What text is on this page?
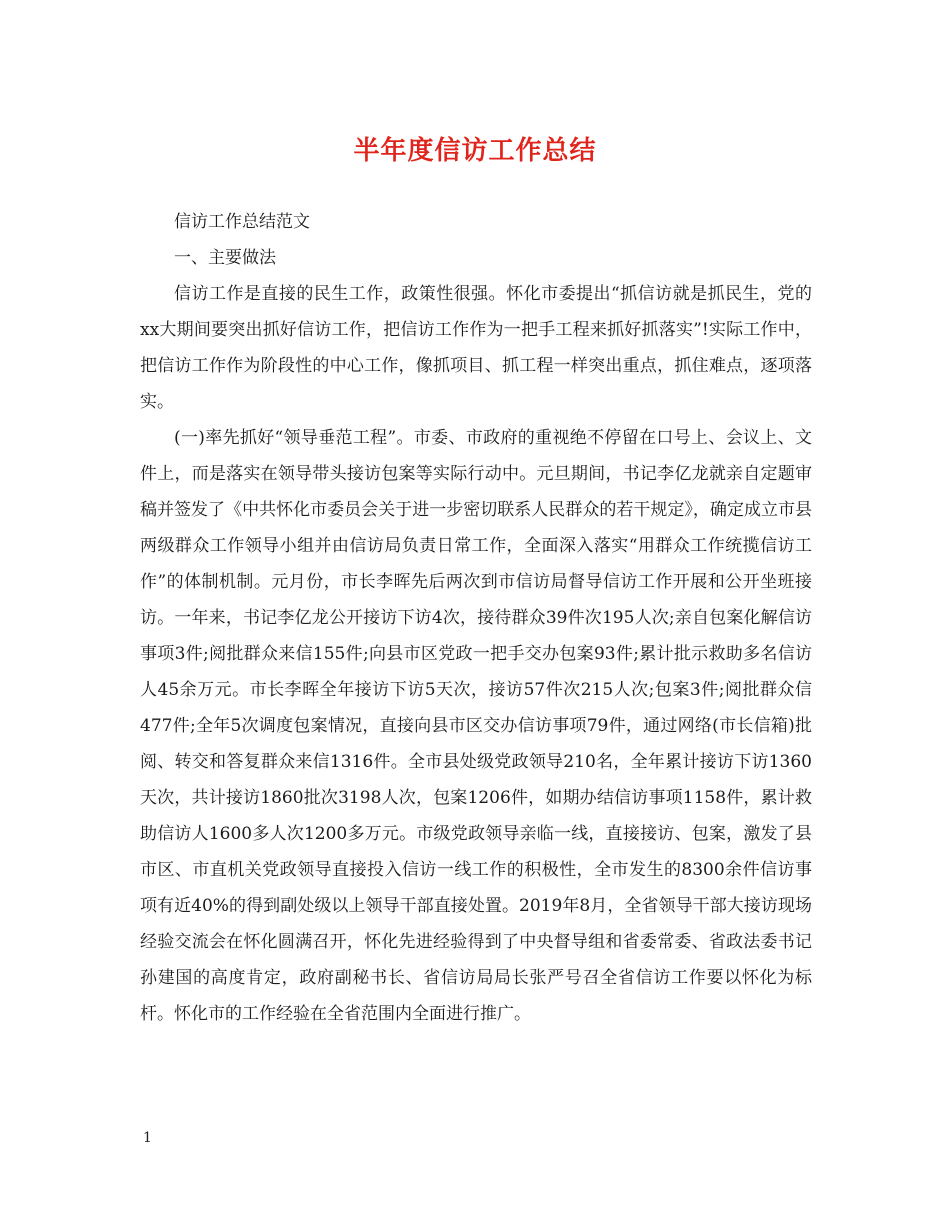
半年度信访工作总结

信访工作总结范文

一、主要做法

信访工作是直接的民生工作，政策性很强。怀化市委提出“抓信访就是抓民生，党的xx大期间要突出抓好信访工作，把信访工作作为一把手工程来抓好抓落实”!实际工作中，把信访工作作为阶段性的中心工作，像抓项目、抓工程一样突出重点，抓住难点，逐项落实。

(一)率先抓好“领导垂范工程”。市委、市政府的重视绝不停留在口号上、会议上、文件上，而是落实在领导带头接访包案等实际行动中。元旦期间，书记李亿龙就亲自定题审稿并签发了《中共怀化市委员会关于进一步密切联系人民群众的若干规定》，确定成立市县两级群众工作领导小组并由信访局负责日常工作，全面深入落实“用群众工作统揽信访工作”的体制机制。元月份，市长李晖先后两次到市信访局督导信访工作开展和公开坐班接访。一年来，书记李亿龙公开接访下访4次，接待群众39件次195人次;亲自包案化解信访事项3件;阅批群众来信155件;向县市区党政一把手交办包案93件;累计批示救助多名信访人45余万元。市长李晖全年接访下访5天次，接访57件次215人次;包案3件;阅批群众信477件;全年5次调度包案情况，直接向县市区交办信访事项79件，通过网络(市长信箱)批阅、转交和答复群众来信1316件。全市县处级党政领导210名，全年累计接访下访1360天次，共计接访1860批次3198人次，包案1206件，如期办结信访事项1158件，累计救助信访人1600多人次1200多万元。市级党政领导亲临一线，直接接访、包案，激发了县市区、市直机关党政领导直接投入信访一线工作的积极性，全市发生的8300余件信访事项有近40%的得到副处级以上领导干部直接处置。2019年8月，全省领导干部大接访现场经验交流会在怀化圆满召开，怀化先进经验得到了中央督导组和省委常委、省政法委书记孙建国的高度肯定，政府副秘书长、省信访局局长张严号召全省信访工作要以怀化为标杆。怀化市的工作经验在全省范围内全面进行推广。

1
